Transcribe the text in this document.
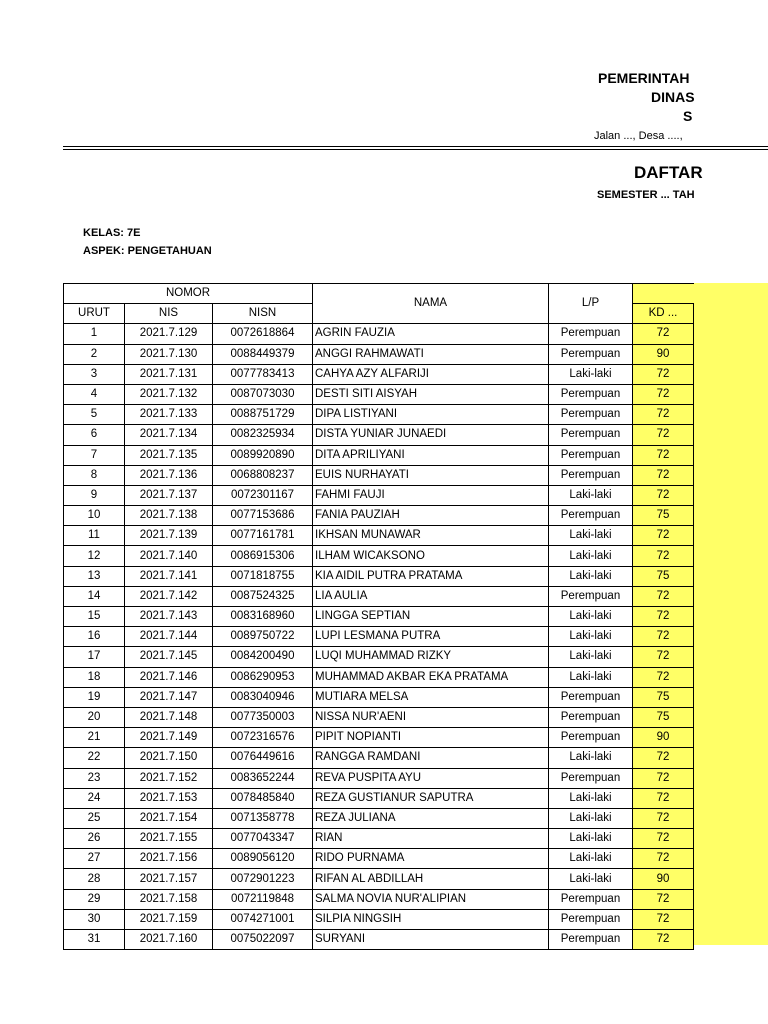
PEMERINTAH
DINAS
S
Jalan ..., Desa ....,
DAFTAR
SEMESTER ... TAH
KELAS: 7E
ASPEK: PENGETAHUAN
NOMOR			NAMA	L/P	
URUT	NIS	NISN			KD ...
1	2021.7.129	0072618864	AGRIN FAUZIA	Perempuan	72
2	2021.7.130	0088449379	ANGGI RAHMAWATI	Perempuan	90
3	2021.7.131	0077783413	CAHYA AZY ALFARIJI	Laki-laki	72
4	2021.7.132	0087073030	DESTI SITI AISYAH	Perempuan	72
5	2021.7.133	0088751729	DIPA LISTIYANI	Perempuan	72
6	2021.7.134	0082325934	DISTA YUNIAR JUNAEDI	Perempuan	72
7	2021.7.135	0089920890	DITA APRILIYANI	Perempuan	72
8	2021.7.136	0068808237	EUIS NURHAYATI	Perempuan	72
9	2021.7.137	0072301167	FAHMI FAUJI	Laki-laki	72
10	2021.7.138	0077153686	FANIA PAUZIAH	Perempuan	75
11	2021.7.139	0077161781	IKHSAN MUNAWAR	Laki-laki	72
12	2021.7.140	0086915306	ILHAM WICAKSONO	Laki-laki	72
13	2021.7.141	0071818755	KIA AIDIL PUTRA PRATAMA	Laki-laki	75
14	2021.7.142	0087524325	LIA AULIA	Perempuan	72
15	2021.7.143	0083168960	LINGGA SEPTIAN	Laki-laki	72
16	2021.7.144	0089750722	LUPI LESMANA PUTRA	Laki-laki	72
17	2021.7.145	0084200490	LUQI MUHAMMAD RIZKY	Laki-laki	72
18	2021.7.146	0086290953	MUHAMMAD AKBAR EKA PRATAMA	Laki-laki	72
19	2021.7.147	0083040946	MUTIARA MELSA	Perempuan	75
20	2021.7.148	0077350003	NISSA NUR'AENI	Perempuan	75
21	2021.7.149	0072316576	PIPIT NOPIANTI	Perempuan	90
22	2021.7.150	0076449616	RANGGA RAMDANI	Laki-laki	72
23	2021.7.152	0083652244	REVA PUSPITA AYU	Perempuan	72
24	2021.7.153	0078485840	REZA GUSTIANUR SAPUTRA	Laki-laki	72
25	2021.7.154	0071358778	REZA JULIANA	Laki-laki	72
26	2021.7.155	0077043347	RIAN	Laki-laki	72
27	2021.7.156	0089056120	RIDO PURNAMA	Laki-laki	72
28	2021.7.157	0072901223	RIFAN AL ABDILLAH	Laki-laki	90
29	2021.7.158	0072119848	SALMA NOVIA NUR'ALIPIAN	Perempuan	72
30	2021.7.159	0074271001	SILPIA NINGSIH	Perempuan	72
31	2021.7.160	0075022097	SURYANI	Perempuan	72
